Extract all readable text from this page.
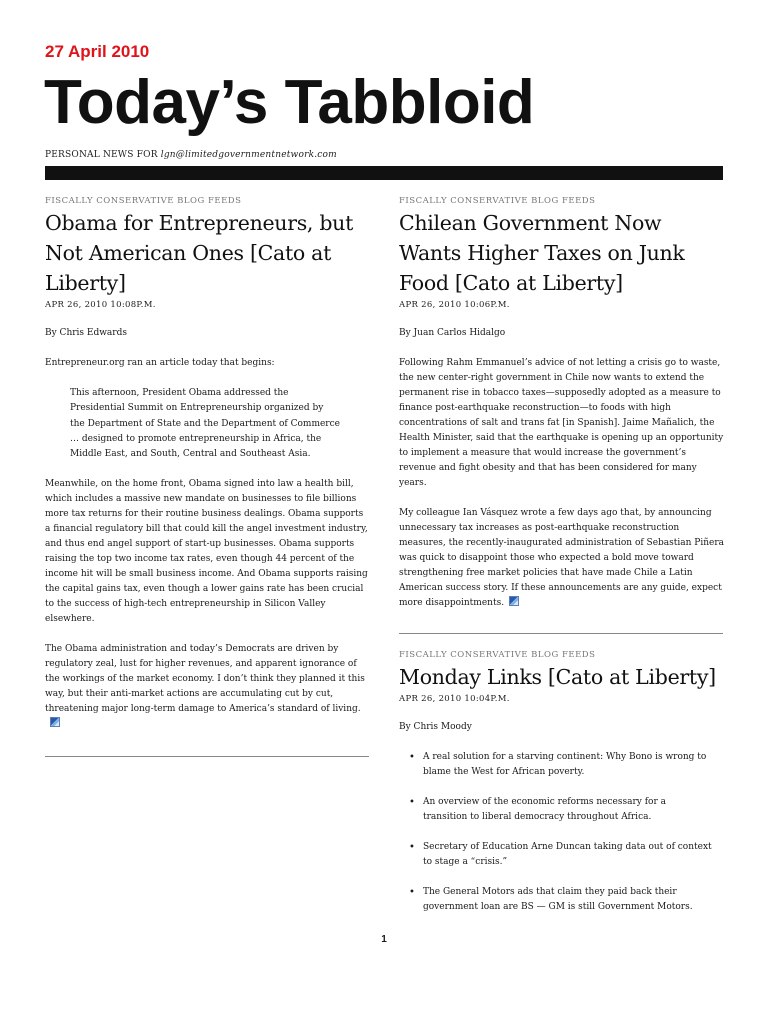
27 April 2010
Today’s Tabbloid
PERSONAL NEWS FOR lgn@limitedgovernmentnetwork.com
FISCALLY CONSERVATIVE BLOG FEEDS
Obama for Entrepreneurs, but Not American Ones [Cato at Liberty]
APR 26, 2010 10:08P.M.
By Chris Edwards

Entrepreneur.org ran an article today that begins:

This afternoon, President Obama addressed the Presidential Summit on Entrepreneurship organized by the Department of State and the Department of Commerce … designed to promote entrepreneurship in Africa, the Middle East, and South, Central and Southeast Asia.

Meanwhile, on the home front, Obama signed into law a health bill, which includes a massive new mandate on businesses to file billions more tax returns for their routine business dealings. Obama supports a financial regulatory bill that could kill the angel investment industry, and thus end angel support of start-up businesses. Obama supports raising the top two income tax rates, even though 44 percent of the income hit will be small business income. And Obama supports raising the capital gains tax, even though a lower gains rate has been crucial to the success of high-tech entrepreneurship in Silicon Valley elsewhere.

The Obama administration and today’s Democrats are driven by regulatory zeal, lust for higher revenues, and apparent ignorance of the workings of the market economy. I don’t think they planned it this way, but their anti-market actions are accumulating cut by cut, threatening major long-term damage to America’s standard of living.

FISCALLY CONSERVATIVE BLOG FEEDS
Chilean Government Now Wants Higher Taxes on Junk Food [Cato at Liberty]
APR 26, 2010 10:06P.M.
By Juan Carlos Hidalgo

Following Rahm Emmanuel’s advice of not letting a crisis go to waste, the new center-right government in Chile now wants to extend the permanent rise in tobacco taxes—supposedly adopted as a measure to finance post-earthquake reconstruction—to foods with high concentrations of salt and trans fat [in Spanish]. Jaime Mañalich, the Health Minister, said that the earthquake is opening up an opportunity to implement a measure that would increase the government’s revenue and fight obesity and that has been considered for many years.

My colleague Ian Vásquez wrote a few days ago that, by announcing unnecessary tax increases as post-earthquake reconstruction measures, the recently-inaugurated administration of Sebastian Piñera was quick to disappoint those who expected a bold move toward strengthening free market policies that have made Chile a Latin American success story. If these announcements are any guide, expect more disappointments.

FISCALLY CONSERVATIVE BLOG FEEDS
Monday Links [Cato at Liberty]
APR 26, 2010 10:04P.M.
By Chris Moody
• A real solution for a starving continent: Why Bono is wrong to blame the West for African poverty.
• An overview of the economic reforms necessary for a transition to liberal democracy throughout Africa.
• Secretary of Education Arne Duncan taking data out of context to stage a “crisis.”
• The General Motors ads that claim they paid back their government loan are BS — GM is still Government Motors.
1
